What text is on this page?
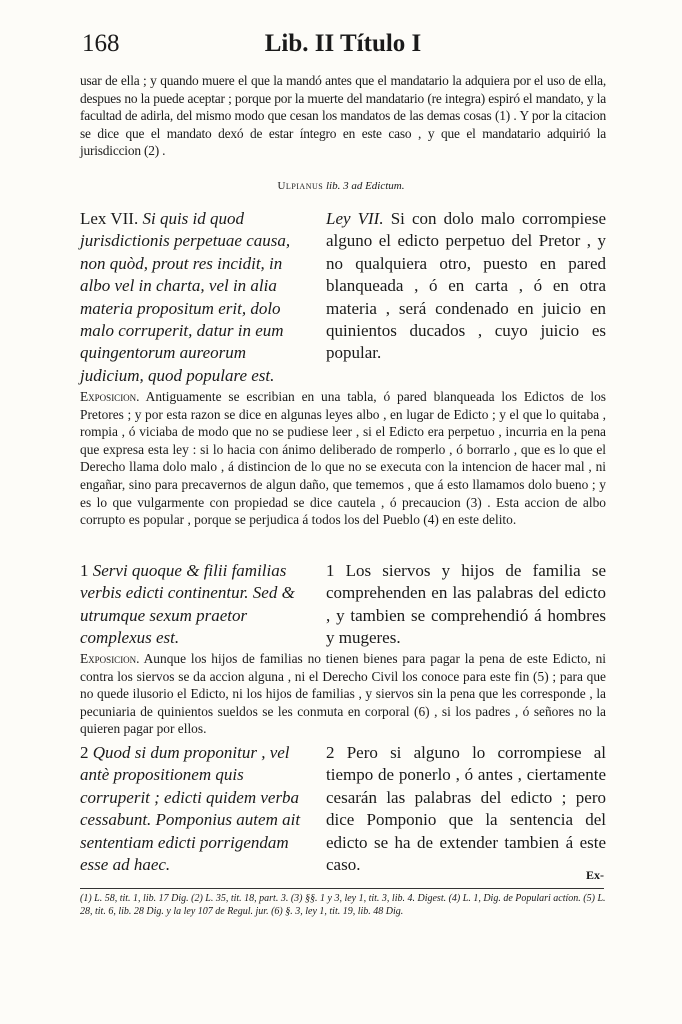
168	Lib. II Título I
usar de ella ; y quando muere el que la mandó antes que el mandatario la adquiera por el uso de ella, despues no la puede aceptar ; porque por la muerte del mandatario (re integra) espiró el mandato, y la facultad de adirla, del mismo modo que cesan los mandatos de las demas cosas (1) . Y por la citacion se dice que el mandato dexó de estar íntegro en este caso , y que el mandatario adquirió la jurisdiccion (2) .
Ulpianus lib. 3 ad Edictum.
Lex VII. Si quis id quod jurisdictionis perpetuae causa, non quòd, prout res incidit, in albo vel in charta, vel in alia materia propositum erit, dolo malo corruperit, datur in eum quingentorum aureorum judicium, quod populare est.
Ley VII. Si con dolo malo corrompiese alguno el edicto perpetuo del Pretor , y no qualquiera otro, puesto en pared blanqueada , ó en carta , ó en otra materia , será condenado en juicio en quinientos ducados , cuyo juicio es popular.
Exposicion. Antiguamente se escribian en una tabla, ó pared blanqueada los Edictos de los Pretores ; y por esta razon se dice en algunas leyes albo , en lugar de Edicto ; y el que lo quitaba , rompia , ó viciaba de modo que no se pudiese leer , si el Edicto era perpetuo , incurria en la pena que expresa esta ley : si lo hacia con ánimo deliberado de romperlo , ó borrarlo , que es lo que el Derecho llama dolo malo , á distincion de lo que no se executa con la intencion de hacer mal , ni engañar, sino para precavernos de algun daño, que tememos , que á esto llamamos dolo bueno ; y es lo que vulgarmente con propiedad se dice cautela , ó precaucion (3) . Esta accion de albo corrupto es popular , porque se perjudica á todos los del Pueblo (4) en este delito.
1 Servi quoque & filii familias verbis edicti continentur. Sed & utrumque sexum praetor complexus est.
1 Los siervos y hijos de familia se comprehenden en las palabras del edicto , y tambien se comprehendió á hombres y mugeres.
Exposicion. Aunque los hijos de familias no tienen bienes para pagar la pena de este Edicto, ni contra los siervos se da accion alguna , ni el Derecho Civil los conoce para este fin (5) ; para que no quede ilusorio el Edicto, ni los hijos de familias , y siervos sin la pena que les corresponde , la pecuniaria de quinientos sueldos se les conmuta en corporal (6) , si los padres , ó señores no la quieren pagar por ellos.
2 Quod si dum proponitur , vel antè propositionem quis corruperit ; edicti quidem verba cessabunt. Pomponius autem ait sententiam edicti porrigendam esse ad haec.
2 Pero si alguno lo corrompiese al tiempo de ponerlo , ó antes , ciertamente cesarán las palabras del edicto ; pero dice Pomponio que la sentencia del edicto se ha de extender tambien á este caso.
Ex-
(1) L. 58, tit. 1, lib. 17 Dig. (2) L. 35, tit. 18, part. 3. (3) §§. 1 y 3, ley 1, tit. 3, lib. 4. Digest. (4) L. 1, Dig. de Populari actíon. (5) L. 28, tit. 6, lib. 28 Dig. y la ley 107 de Regul. jur. (6) §. 3, ley 1, tit. 19, lib. 48 Dig.
